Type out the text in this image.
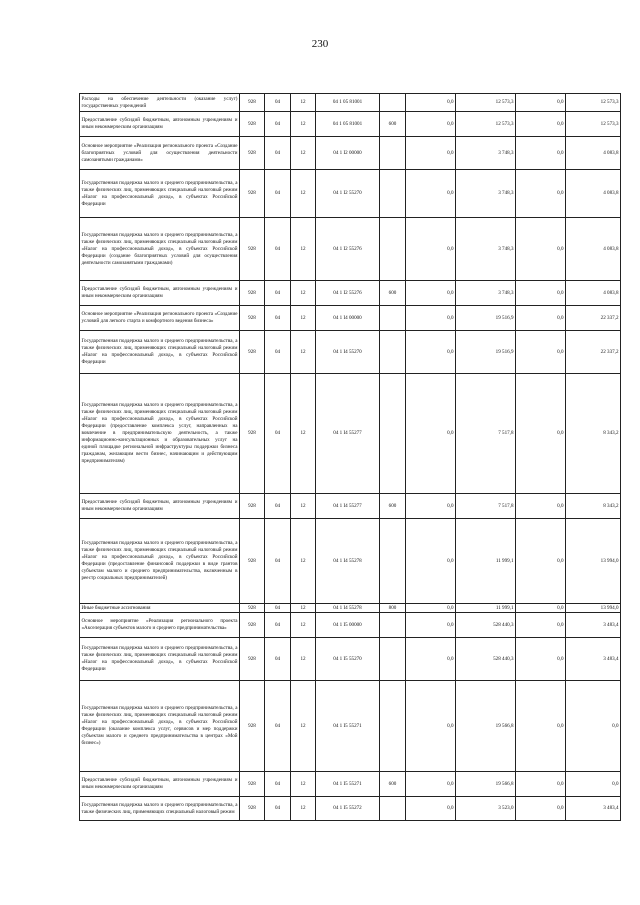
230
Расходы на обеспечение деятельности (оказание услуг) государственных учреждений	928	04	12	04 1 05 81001		0,0	12 573,3	0,0	12 573,3
Предоставление субсидий бюджетным, автономным учреждениям и иным некоммерческим организациям	928	04	12	04 1 05 81001	600	0,0	12 573,3	0,0	12 573,3
Основное мероприятие «Реализация регионального проекта «Создание благоприятных условий для осуществления деятельности самозанятыми гражданами»	928	04	12	04 1 I2 00000		0,0	3 748,3	0,0	4 083,8
Государственная поддержка малого и среднего предпринимательства, а также физических лиц, применяющих специальный налоговый режим «Налог на профессиональный доход», в субъектах Российской Федерации	928	04	12	04 1 I2 55270		0,0	3 748,3	0,0	4 083,8
Государственная поддержка малого и среднего предпринимательства, а также физических лиц, применяющих специальный налоговый режим «Налог на профессиональный доход», в субъектах Российской Федерации (создание благоприятных условий для осуществления деятельности самозанятыми гражданами)	928	04	12	04 1 I2 55276		0,0	3 748,3	0,0	4 083,8
Предоставление субсидий бюджетным, автономным учреждениям и иным некоммерческим организациям	928	04	12	04 1 I2 55276	600	0,0	3 748,3	0,0	4 083,8
Основное мероприятие «Реализация регионального проекта «Создание условий для легкого старта и комфортного ведения бизнеса»	928	04	12	04 1 I4 00000		0,0	19 516,9	0,0	22 337,2
Государственная поддержка малого и среднего предпринимательства, а также физических лиц, применяющих специальный налоговый режим «Налог на профессиональный доход», в субъектах Российской Федерации	928	04	12	04 1 I4 55270		0,0	19 516,9	0,0	22 337,2
Государственная поддержка малого и среднего предпринимательства, а также физических лиц, применяющих специальный налоговый режим «Налог на профессиональный доход», в субъектах Российской Федерации (предоставление комплекса услуг, направленных на вовлечение в предпринимательскую деятельность, а также информационно-консультационных и образовательных услуг на единой площадке региональной инфраструктуры поддержки бизнеса гражданам, желающим вести бизнес, начинающим и действующим предпринимателям)	928	04	12	04 1 I4 55277		0,0	7 517,8	0,0	8 343,2
Предоставление субсидий бюджетным, автономным учреждениям и иным некоммерческим организациям	928	04	12	04 1 I4 55277	600	0,0	7 517,8	0,0	8 343,2
Государственная поддержка малого и среднего предпринимательства, а также физических лиц, применяющих специальный налоговый режим «Налог на профессиональный доход», в субъектах Российской Федерации (предоставление финансовой поддержки в виде грантов субъектам малого и среднего предпринимательства, включенным в реестр социальных предпринимателей)	928	04	12	04 1 I4 55278		0,0	11 999,1	0,0	13 994,0
Иные бюджетные ассигнования	928	04	12	04 1 I4 55278	800	0,0	11 999,1	0,0	13 994,0
Основное мероприятие «Реализация регионального проекта «Акселерация субъектов малого и среднего предпринимательства»	928	04	12	04 1 I5 00000		0,0	528 440,3	0,0	3 483,4
Государственная поддержка малого и среднего предпринимательства, а также физических лиц, применяющих специальный налоговый режим «Налог на профессиональный доход», в субъектах Российской Федерации	928	04	12	04 1 I5 55270		0,0	528 440,3	0,0	3 483,4
Государственная поддержка малого и среднего предпринимательства, а также физических лиц, применяющих специальный налоговый режим «Налог на профессиональный доход», в субъектах Российской Федерации (оказание комплекса услуг, сервисов и мер поддержки субъектам малого и среднего предпринимательства в центрах «Мой бизнес»)	928	04	12	04 1 I5 55271		0,0	19 566,8	0,0	0,0
Предоставление субсидий бюджетным, автономным учреждениям и иным некоммерческим организациям	928	04	12	04 1 I5 55271	600	0,0	19 566,8	0,0	0,0
Государственная поддержка малого и среднего предпринимательства, а также физических лиц, применяющих специальный налоговый режим	928	04	12	04 1 I5 55272		0,0	3 523,0	0,0	3 483,4
